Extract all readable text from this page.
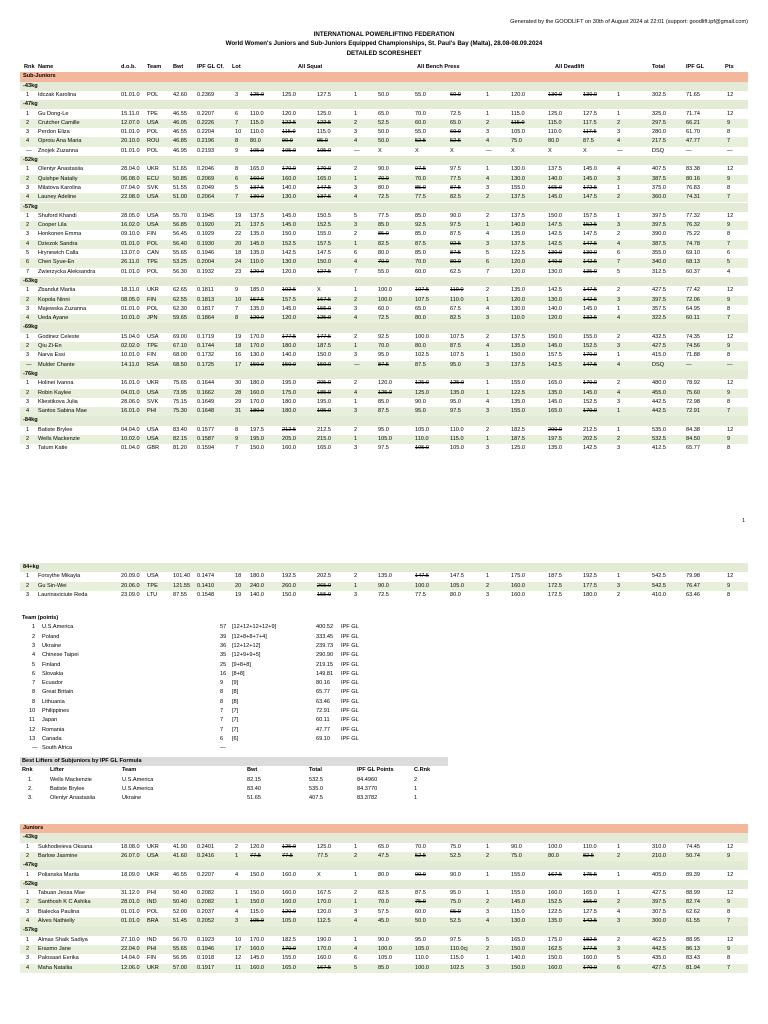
Generated by the GOODLIFT on 30th of August 2024 at 22:01 (support: goodlift.ipf@gmail.com)
INTERNATIONAL POWERLIFTING FEDERATION
World Women's Juniors and Sub-Juniors Equipped Championships, St. Paul's Bay (Malta), 28.08-08.09.2024
DETAILED SCORESHEET
Rnk Name	d.o.b. Team Bwt IPF GL Cf. Lot	All Squat	All Bench Press	All Deadlift	Total	IPF GL	Pts
Sub-Juniors
-43kg
1 Idczak Karolina	01.01.0 POL	42.60 0.2369	3 125.0	125.0	127.5	1	50.0	55.0	60.0	1	120.0	130.0	130.0	1	302.5	71.65	12
-47kg
1 Gu Dong-Le	15.11.0 TPE	46.55 0.2207	6 110.0	120.0	125.0	1	65.0	70.0	72.5	1	115.0	125.0	127.5	1	325.0	71.74	12
2 Crutcher Camille	12.07.0 USA	46.05 0.2226	7 115.0	122.5	122.5	2	52.5	60.0	65.0	2	115.0	115.0	117.5	2	297.5	66.21	9
3 Perdon Eliza	01.01.0 POL	46.55 0.2204	10 110.0	115.0	115.0	3	50.0	55.0	60.0	3	105.0	110.0	117.5	3	280.0	61.70	8
4 Oproiu Ana Maria	20.10.0 ROU 46.85 0.2196	8 80.0	90.0	95.0	4	50.0	52.5	52.5	4	75.0	80.0	87.5	4	217.5	47.77	7
— Znojek Zuzanna	01.01.0 POL	46.95 0.2193	9 105.0	105.0	105.0	—	X	X	X	—	X	X	X	—	DSQ	—	—
-52kg
1 Olentyr Anastasiia	28.04.0 UKR	51.65 0.2046	8 165.0	170.0	170.0	2	90.0	97.5	97.5	1	130.0	137.5	145.0	4	407.5	83.38	12
2 Quishpe Nataliy	06.08.0 ECU	50.85 0.2069	6 160.0	160.0	165.0	1	70.0	70.0	77.5	4	130.0	140.0	145.0	3	387.5	80.16	9
3 Milatova Karolina	07.04.0 SVK	51.55 0.2049	5 137.5	140.0	147.5	3	80.0	85.0	87.5	3	155.0	165.0	172.5	1	375.0	76.83	8
4 Launey Adeline	22.08.0 USA	51.00 0.2064	7 130.0	130.0	137.5	4	72.5	77.5	82.5	2	137.5	145.0	147.5	2	360.0	74.31	7
-57kg
1 Shuford Khandi	28.05.0 USA	55.70 0.1945	19 137.5	145.0	150.5	5	77.5	85.0	90.0	2	137.5	150.0	157.5	1	397.5	77.32	12
2 Cooper Lila	16.02.0 USA	56.85 0.1920	21 137.5	145.0	152.5	3	85.0	92.5	97.5	1	140.0	147.5	152.5	3	397.5	76.32	9
3 Honkonen Emma	09.10.0 FIN	56.45 0.1929	22 135.0	150.0	155.0	2	85.0	85.0	87.5	4	135.0	142.5	147.5	2	390.0	75.22	8
4 Dziezok Sandra	01.01.0 POL	56.40 0.1930	20 145.0	152.5	157.5	1	82.5	87.5	92.5	3	137.5	142.5	147.5	4	387.5	74.78	7
5 Hrynewich Calla	13.07.0 CAN	55.65 0.1946	18 135.0	142.5	147.5	6	80.0	85.0	87.5	5	122.5	130.0	130.0	6	355.0	69.10	6
6 Chen Syue-En	26.11.0 TPE	53.25 0.2004	24 110.0	130.0	150.0	4	70.0	70.0	80.0	6	120.0	140.0	142.5	7	340.0	68.13	5
7 Zwierzycka Aleksandra	01.01.0 POL	56.30 0.1932	23 120.0	120.0	127.5	7	55.0	60.0	62.5	7	120.0	130.0	135.0	5	312.5	60.37	4
-63kg
1 Zbandut Mariia	18.11.0 UKR	62.65 0.1811	9 185.0	192.5	X	1	100.0	107.5	110.0	2	135.0	142.5	147.5	2	427.5	77.42	12
2 Kopola Ninni	08.05.0 FIN	62.55 0.1813	10 157.5	157.5	167.5	2	100.0	107.5	110.0	1	120.0	130.0	142.5	3	397.5	72.06	9
3 Majewska Zuzanna	01.01.0 POL	62.30 0.1817	7 135.0	145.0	155.0	3	60.0	65.0	67.5	4	130.0	140.0	145.0	1	357.5	64.95	8
4 Ueda Ayane	10.01.0 JPN	59.65 0.1864	8 120.0	120.0	125.0	4	72.5	80.0	82.5	3	110.0	120.0	132.5	4	322.5	60.11	7
-69kg
1 Godinez Celeste	15.04.0 USA	69.00 0.1719	19 170.0	177.5	177.5	2	92.5	100.0	107.5	2	137.5	150.0	155.0	2	432.5	74.35	12
2 Qiu Zi-En	02.02.0 TPE	67.10 0.1744	18 170.0	180.0	187.5	1	70.0	80.0	87.5	4	135.0	145.0	152.5	3	427.5	74.56	9
3 Narva Essi	10.01.0 FIN	68.00 0.1732	16 130.0	140.0	150.0	3	95.0	102.5	107.5	1	150.0	157.5	170.0	1	415.0	71.88	8
— Mulder Chante	14.11.0 RSA	68.50 0.1725	17 150.0	150.0	150.0	—	87.5	87.5	95.0	3	137.5	142.5	147.5	4	DSQ	—	—
-76kg
1 Holinei Ivanna	16.01.0 UKR	75.65 0.1644	30 180.0	195.0	205.0	2	120.0	125.0	125.0	1	155.0	165.0	170.0	2	480.0	78.92	12
2 Robin Kaylee	04.01.0 USA	73.95 0.1662	28 160.0	175.0	185.0	4	125.0	125.0	135.0	1	122.5	135.0	145.0	4	455.0	75.60	9
3 Kliestikova Julia	28.06.0 SVK	75.15 0.1649	29 170.0	180.0	195.0	1	85.0	90.0	95.0	4	135.0	145.0	152.5	3	442.5	72.98	8
4 Santos Sabina Mae	16.01.0 PHI	75.30 0.1648	31 180.0	180.0	195.0	3	87.5	95.0	97.5	3	155.0	165.0	170.0	1	442.5	72.91	7
-84kg
1 Batiste Brylee	04.04.0 USA	83.40 0.1577	8 197.5	212.5	212.5	2	95.0	105.0	110.0	2	182.5	200.0	212.5	1	535.0	84.38	12
2 Wells Mackenzie	10.02.0 USA	82.15 0.1587	9 195.0	205.0	215.0	1	105.0	110.0	115.0	1	187.5	197.5	202.5	2	532.5	84.50	9
3 Tatum Katie	01.04.0 GBR 81.20 0.1594	7 150.0	160.0	165.0	3	97.5	105.0	105.0	3	125.0	135.0	142.5	3	412.5	65.77	8
1
84+kg
1 Forsythe Mikayla	20.09.0 USA	101.40 0.1474	18 180.0	192.5	202.5	2	135.0	147.5	147.5	1	175.0	187.5	192.5	1	542.5	79.98	12
2 Gu Sin-Wei	20.06.0 TPE	121.55 0.1410	20 240.0	260.0	265.0	1	90.0	100.0	105.0	2	160.0	172.5	177.5	3	542.5	76.47	9
3 Laurinaviciute Reda	23.09.0 LTU	87.55 0.1548	19 140.0	150.0	155.0	3	72.5	77.5	80.0	3	160.0	172.5	180.0	2	410.0	63.46	8
Team (points)
1 U.S.America	57 [12+12+12+12+9]	400.52 IPF GL
2 Poland	39 [12+8+8+7+4]	333.45 IPF GL
3 Ukraine	36 [12+12+12]	239.73 IPF GL
4 Chinese Taipei	35 [12+9+9+5]	290.90 IPF GL
5 Finland	25 [9+8+8]	219.15 IPF GL
6 Slovakia	16 [8+8]	149.81 IPF GL
7 Ecuador	9 [9]	80.16 IPF GL
8 Great Britain	8 [8]	65.77 IPF GL
8 Lithuania	8 [8]	63.46 IPF GL
10 Philippines	7 [7]	72.91 IPF GL
11 Japan	7 [7]	60.11 IPF GL
12 Romania	7 [7]	47.77 IPF GL
13 Canada	6 [6]	69.10 IPF GL
— South Africa	—
Best Lifters of Subjuniors by IPF GL Formula
Rnk	Lifter	Team	Bwt	Total	IPF GL Points	C.Rnk
1.	Wells Mackenzie	U.S.America	82.15	532.5	84.4960	2
2.	Batiste Brylee	U.S.America	83.40	535.0	84.3770	1
3.	Olentyr Anastasiia	Ukraine	51.65	407.5	83.3782	1
Juniors
-43kg
1 Sukhodieieva Oksana	18.08.0 UKR	41.90 0.2401	2 120.0	125.0	125.0	1	65.0	70.0	75.0	1	90.0	100.0	110.0	1	310.0	74.45	12
2 Barlow Jasmine	26.07.0 USA	41.60 0.2416	1 77.5	77.5	77.5	2	47.5	52.5	52.5	2	75.0	80.0	82.5	2	210.0	50.74	9
-47kg
1 Polianska Mariia	18.09.0 UKR	46.55 0.2207	4 150.0	160.0	X	1	80.0	90.0	90.0	1	155.0	167.5	175.5	1	405.0	89.39	12
-52kg
1 Tabuan Jessa Mae	31.12.0 PHI	50.40 0.2082	1 150.0	160.0	167.5	2	82.5	87.5	95.0	1	155.0	160.0	165.0	1	427.5	88.99	12
2 Santhosh K C Ashika	28.01.0 IND	50.40 0.2082	1 150.0	160.0	170.0	1	70.0	75.0	75.0	2	145.0	152.5	155.0	2	397.5	82.74	9
3 Bialecka Paulina	01.01.0 POL	52.00 0.2037	4 115.0	120.0	120.0	3	57.5	60.0	65.0	3	115.0	122.5	127.5	4	307.5	62.62	8
4 Alves Nathielly	01.01.0 BRA	51.45 0.2052	3 105.0	105.0	112.5	4	45.0	50.0	52.5	4	130.0	135.0	142.5	3	300.0	61.55	7
-57kg
1 Almas Shaik Sadiya	27.10.0 IND	56.70 0.1923	10 170.0	182.5	190.0	1	90.0	95.0	97.5	5	165.0	175.0	182.5	2	462.5	88.95	12
2 Erasmo Jane	22.04.0 PHI	55.65 0.1946	17 160.0	170.0	170.0	4	100.0	105.0	110.0cj	2	150.0	162.5	177.5	3	442.5	86.13	9
3 Palosaari Eerika	14.04.0 FIN	56.95 0.1918	12 145.0	155.0	160.0	6	105.0	110.0	115.0	1	140.0	150.0	160.0	5	435.0	83.43	8
4 Maha Nataliia	12.06.0 UKR	57.00 0.1917	11 160.0	165.0	167.5	5	85.0	100.0	102.5	3	150.0	160.0	170.0	6	427.5	81.94	7
